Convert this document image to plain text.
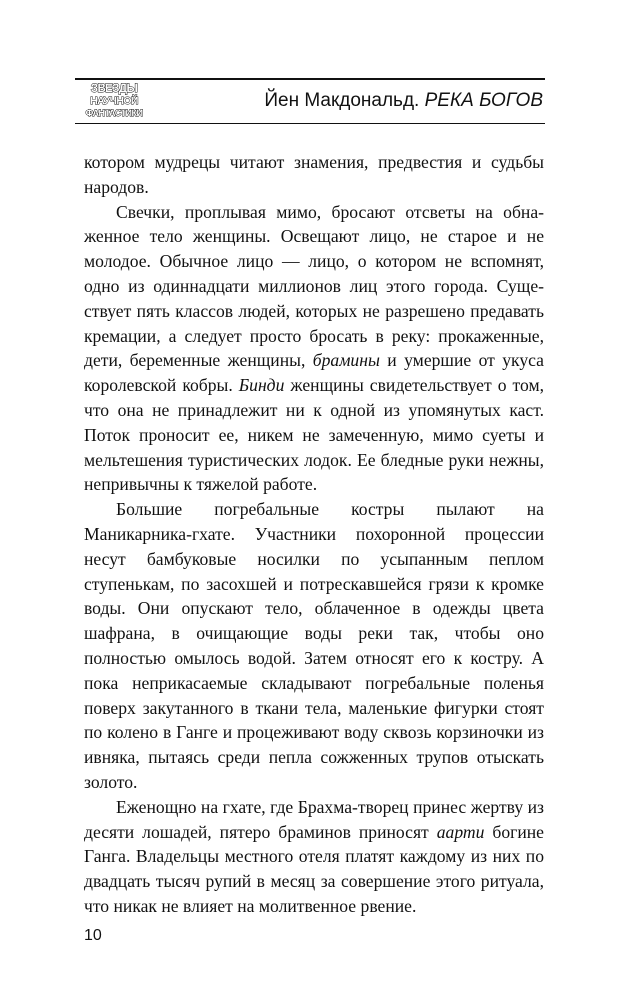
ЗВЕЗДЫ
НАУЧНОЙ
ФАНТАСТИКИ
Йен Макдональд. РЕКА БОГОВ

котором мудрецы читают знамения, предвестия и судьбы народов.

Свечки, проплывая мимо, бросают отсветы на обнаженное тело женщины. Освещают лицо, не старое и не молодое. Обычное лицо — лицо, о котором не вспомнят, одно из одиннадцати миллионов лиц этого города. Существует пять классов людей, которых не разрешено предавать кремации, а следует просто бросать в реку: прокаженные, дети, беременные женщины, брамины и умершие от укуса королевской кобры. Бинди женщины свидетельствует о том, что она не принадлежит ни к одной из упомянутых каст. Поток проносит ее, никем не замеченную, мимо суеты и мельтешения туристических лодок. Ее бледные руки нежны, непривычны к тяжелой работе.

Большие погребальные костры пылают на Маникарника-гхате. Участники похоронной процессии несут бамбуковые носилки по усыпанным пеплом ступенькам, по засохшей и потрескавшейся грязи к кромке воды. Они опускают тело, облаченное в одежды цвета шафрана, в очищающие воды реки так, чтобы оно полностью омылось водой. Затем относят его к костру. А пока неприкасаемые складывают погребальные поленья поверх закутанного в ткани тела, маленькие фигурки стоят по колено в Ганге и процеживают воду сквозь корзиночки из ивняка, пытаясь среди пепла сожженных трупов отыскать золото.

Еженощно на гхате, где Брахма-творец принес жертву из десяти лошадей, пятеро браминов приносят аарти богине Ганга. Владельцы местного отеля платят каждому из них по двадцать тысяч рупий в месяц за совершение этого ритуала, что никак не влияет на молитвенное рвение.

10
